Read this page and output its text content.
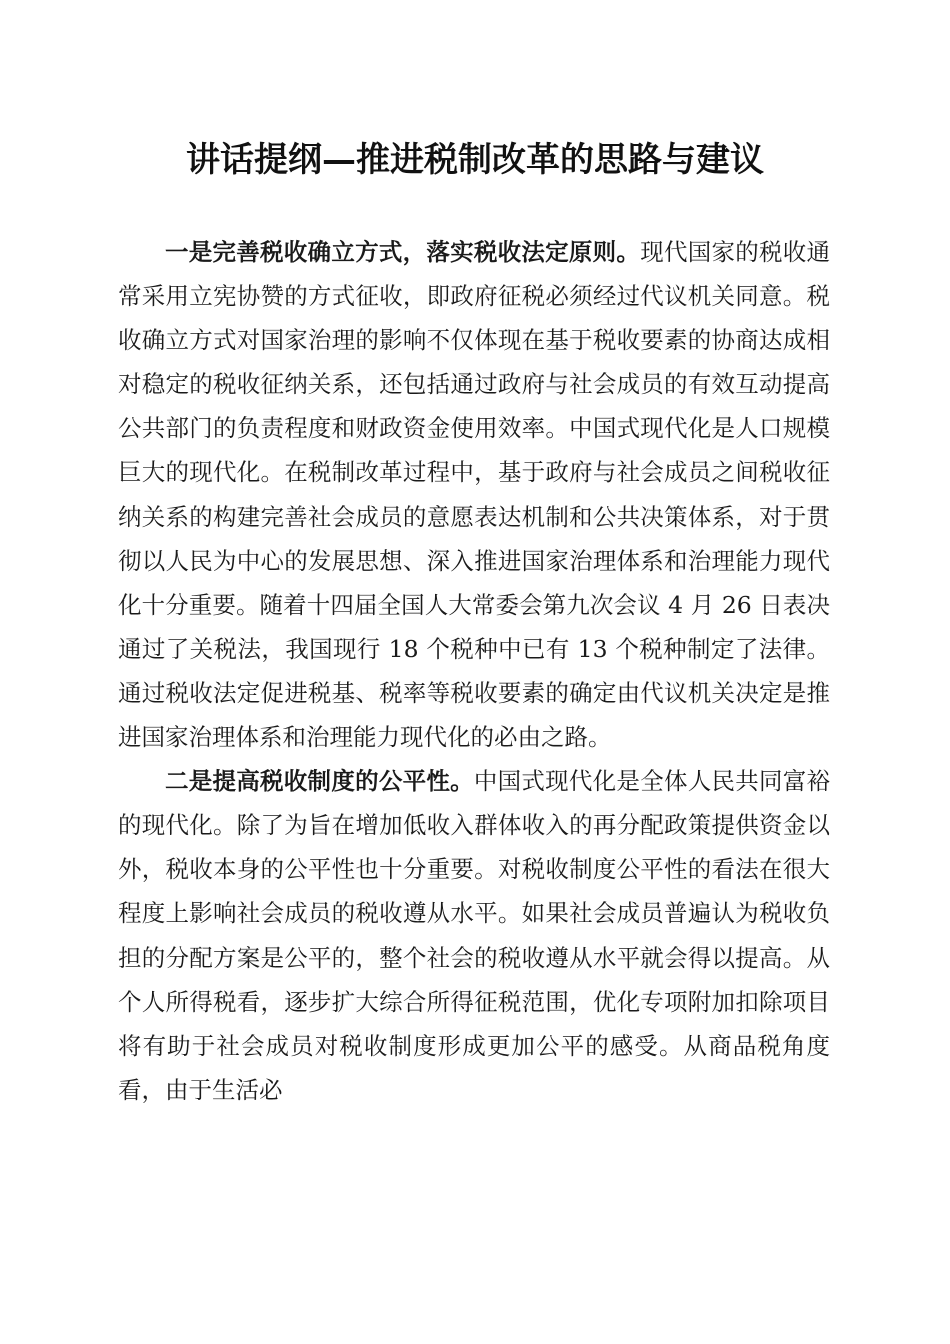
讲话提纲—推进税制改革的思路与建议

一是完善税收确立方式，落实税收法定原则。现代国家的税收通常采用立宪协赞的方式征收，即政府征税必须经过代议机关同意。税收确立方式对国家治理的影响不仅体现在基于税收要素的协商达成相对稳定的税收征纳关系，还包括通过政府与社会成员的有效互动提高公共部门的负责程度和财政资金使用效率。中国式现代化是人口规模巨大的现代化。在税制改革过程中，基于政府与社会成员之间税收征纳关系的构建完善社会成员的意愿表达机制和公共决策体系，对于贯彻以人民为中心的发展思想、深入推进国家治理体系和治理能力现代化十分重要。随着十四届全国人大常委会第九次会议 4 月 26 日表决通过了关税法，我国现行 18 个税种中已有 13 个税种制定了法律。通过税收法定促进税基、税率等税收要素的确定由代议机关决定是推进国家治理体系和治理能力现代化的必由之路。

二是提高税收制度的公平性。中国式现代化是全体人民共同富裕的现代化。除了为旨在增加低收入群体收入的再分配政策提供资金以外，税收本身的公平性也十分重要。对税收制度公平性的看法在很大程度上影响社会成员的税收遵从水平。如果社会成员普遍认为税收负担的分配方案是公平的，整个社会的税收遵从水平就会得以提高。从个人所得税看，逐步扩大综合所得征税范围，优化专项附加扣除项目将有助于社会成员对税收制度形成更加公平的感受。从商品税角度看，由于生活必
